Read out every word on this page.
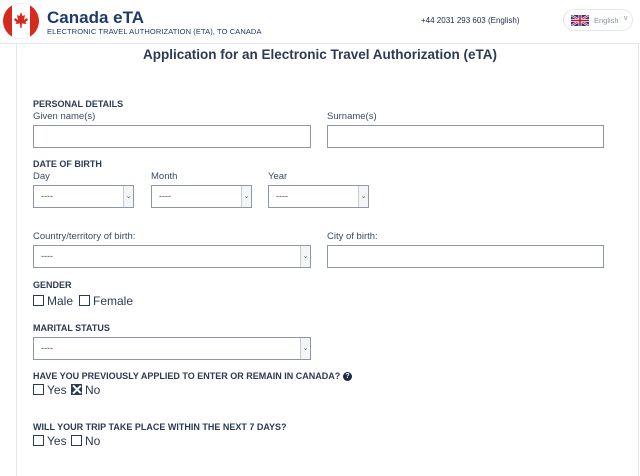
Canada eTA
ELECTRONIC TRAVEL AUTHORIZATION (ETA), TO CANADA
+44 2031 293 603 (English)	English v
Application for an Electronic Travel Authorization (eTA)
PERSONAL DETAILS
Given name(s)	Surname(s)
DATE OF BIRTH
Day
----	⌄
Month
----	⌄
Year
----	⌄
Country/territory of birth:
----	⌄
City of birth:
GENDER
Male Female
MARITAL STATUS
----	⌄
HAVE YOU PREVIOUSLY APPLIED TO ENTER OR REMAIN IN CANADA? ?
Yes No
WILL YOUR TRIP TAKE PLACE WITHIN THE NEXT 7 DAYS?
Yes No
